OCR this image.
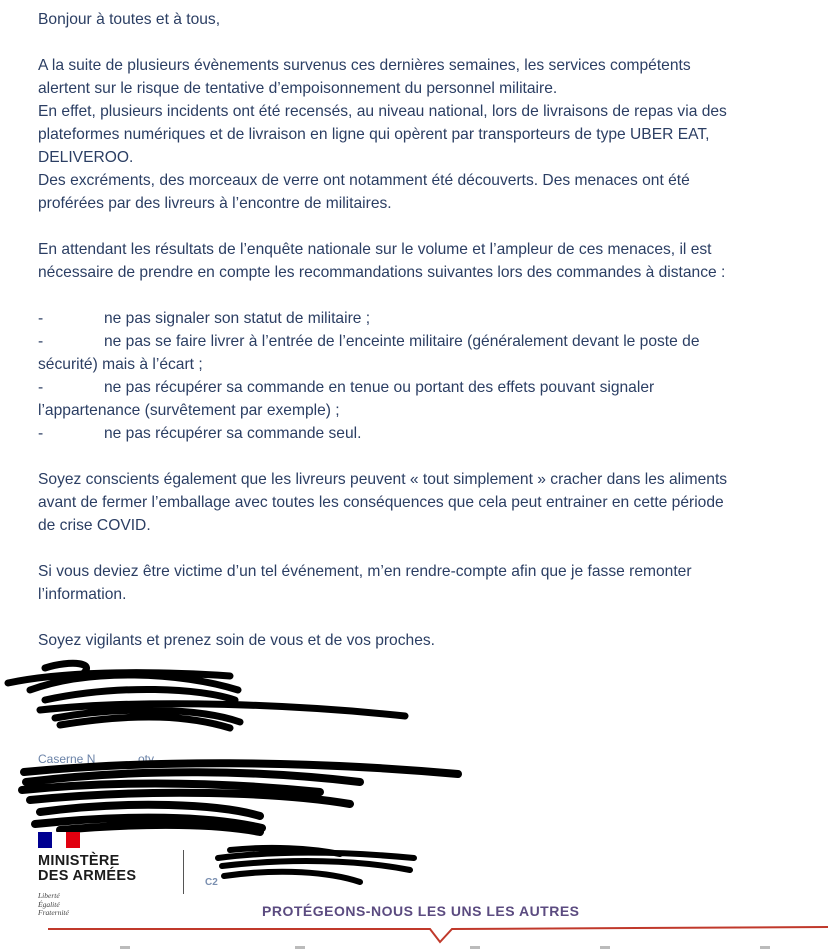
Bonjour à toutes et à tous,

A la suite de plusieurs évènements survenus ces dernières semaines, les services compétents
alertent sur le risque de tentative d’empoisonnement du personnel militaire.
En effet, plusieurs incidents ont été recensés, au niveau national, lors de livraisons de repas via des
plateformes numériques et de livraison en ligne qui opèrent par transporteurs de type UBER EAT,
DELIVEROO.
Des excréments, des morceaux de verre ont notamment été découverts. Des menaces ont été
proférées par des livreurs à l’encontre de militaires.

En attendant les résultats de l’enquête nationale sur le volume et l’ampleur de ces menaces, il est
nécessaire de prendre en compte les recommandations suivantes lors des commandes à distance :

-	ne pas signaler son statut de militaire ;
-	ne pas se faire livrer à l’entrée de l’enceinte militaire (généralement devant le poste de
sécurité) mais à l’écart ;
-	ne pas récupérer sa commande en tenue ou portant des effets pouvant signaler
l’appartenance (survêtement par exemple) ;
-	ne pas récupérer sa commande seul.

Soyez conscients également que les livreurs peuvent « tout simplement » cracher dans les aliments
avant de fermer l’emballage avec toutes les conséquences que cela peut entrainer en cette période
de crise COVID.

Si vous deviez être victime d’un tel événement, m’en rendre-compte afin que je fasse remonter
l’information.

Soyez vigilants et prenez soin de vous et de vos proches.

Caserne N	oty
MINISTÈRE
DES ARMÉES
Liberté
Égalité
Fraternité
C2
PROTÉGEONS-NOUS LES UNS LES AUTRES
